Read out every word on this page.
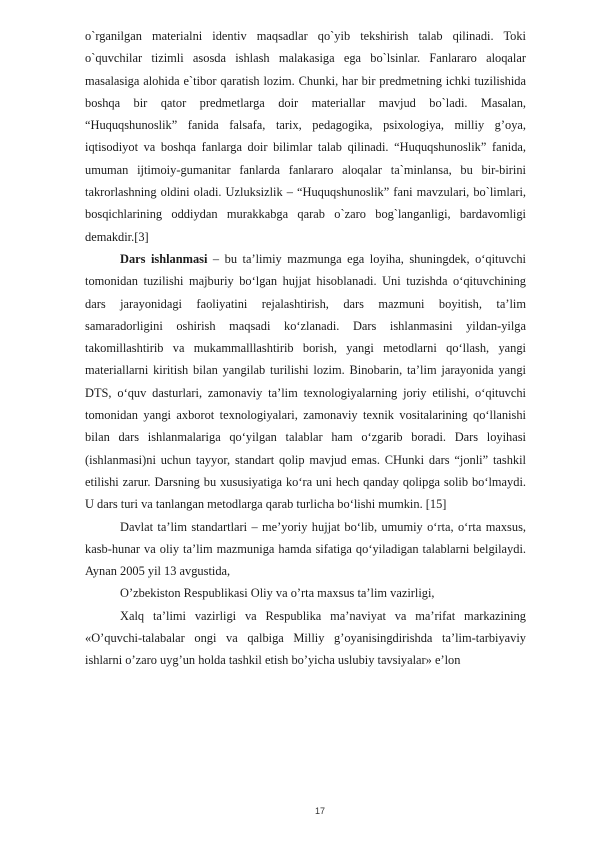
o`rganilgan materialni identiv maqsadlar qo`yib tekshirish talab qilinadi. Toki o`quvchilar tizimli asosda ishlash malakasiga ega bo`lsinlar. Fanlararo aloqalar masalasiga alohida e`tibor qaratish lozim. Chunki, har bir predmetning ichki tuzilishida boshqa bir qator predmetlarga doir materiallar mavjud bo`ladi. Masalan, “Huquqshunoslik” fanida falsafa, tarix, pedagogika, psixologiya, milliy g’oya, iqtisodiyot va boshqa fanlarga doir bilimlar talab qilinadi. “Huquqshunoslik” fanida, umuman ijtimoiy-gumanitar fanlarda fanlararo aloqalar ta`minlansa, bu bir-birini takrorlashning oldini oladi. Uzluksizlik – “Huquqshunoslik” fani mavzulari, bo`limlari, bosqichlarining oddiydan murakkabga qarab o`zaro bog`langanligi, bardavomligi demakdir.[3]

Dars ishlanmasi – bu ta’limiy mazmunga ega loyiha, shuningdek, o‘qituvchi tomonidan tuzilishi majburiy bo‘lgan hujjat hisoblanadi. Uni tuzishda o‘qituvchining dars jarayonidagi faoliyatini rejalashtirish, dars mazmuni boyitish, ta’lim samaradorligini oshirish maqsadi ko‘zlanadi. Dars ishlanmasini yildan-yilga takomillashtirib va mukammalllashtirib borish, yangi metodlarni qo‘llash, yangi materiallarni kiritish bilan yangilab turilishi lozim. Binobarin, ta’lim jarayonida yangi DTS, o‘quv dasturlari, zamonaviy ta’lim texnologiyalarning joriy etilishi, o‘qituvchi tomonidan yangi axborot texnologiyalari, zamonaviy texnik vositalarining qo‘llanishi bilan dars ishlanmalariga qo‘yilgan talablar ham o‘zgarib boradi. Dars loyihasi (ishlanmasi)ni uchun tayyor, standart qolip mavjud emas. CHunki dars “jonli” tashkil etilishi zarur. Darsning bu xususiyatiga ko‘ra uni hech qanday qolipga solib bo‘lmaydi. U dars turi va tanlangan metodlarga qarab turlicha bo‘lishi mumkin. [15]

Davlat ta’lim standartlari – me’yoriy hujjat bo‘lib, umumiy o‘rta, o‘rta maxsus, kasb-hunar va oliy ta’lim mazmuniga hamda sifatiga qo‘yiladigan talablarni belgilaydi. Aynan 2005 yil 13 avgustida,

O’zbekiston Respublikasi Oliy va o’rta maxsus ta’lim vazirligi,

Xalq ta’limi vazirligi va Respublika ma’naviyat va ma’rifat markazining «O’quvchi-talabalar ongi va qalbiga Milliy g’oyanisingdirishda ta’lim-tarbiyaviy ishlarni o’zaro uyg’un holda tashkil etish bo’yicha uslubiy tavsiyalar» e’lon

17
